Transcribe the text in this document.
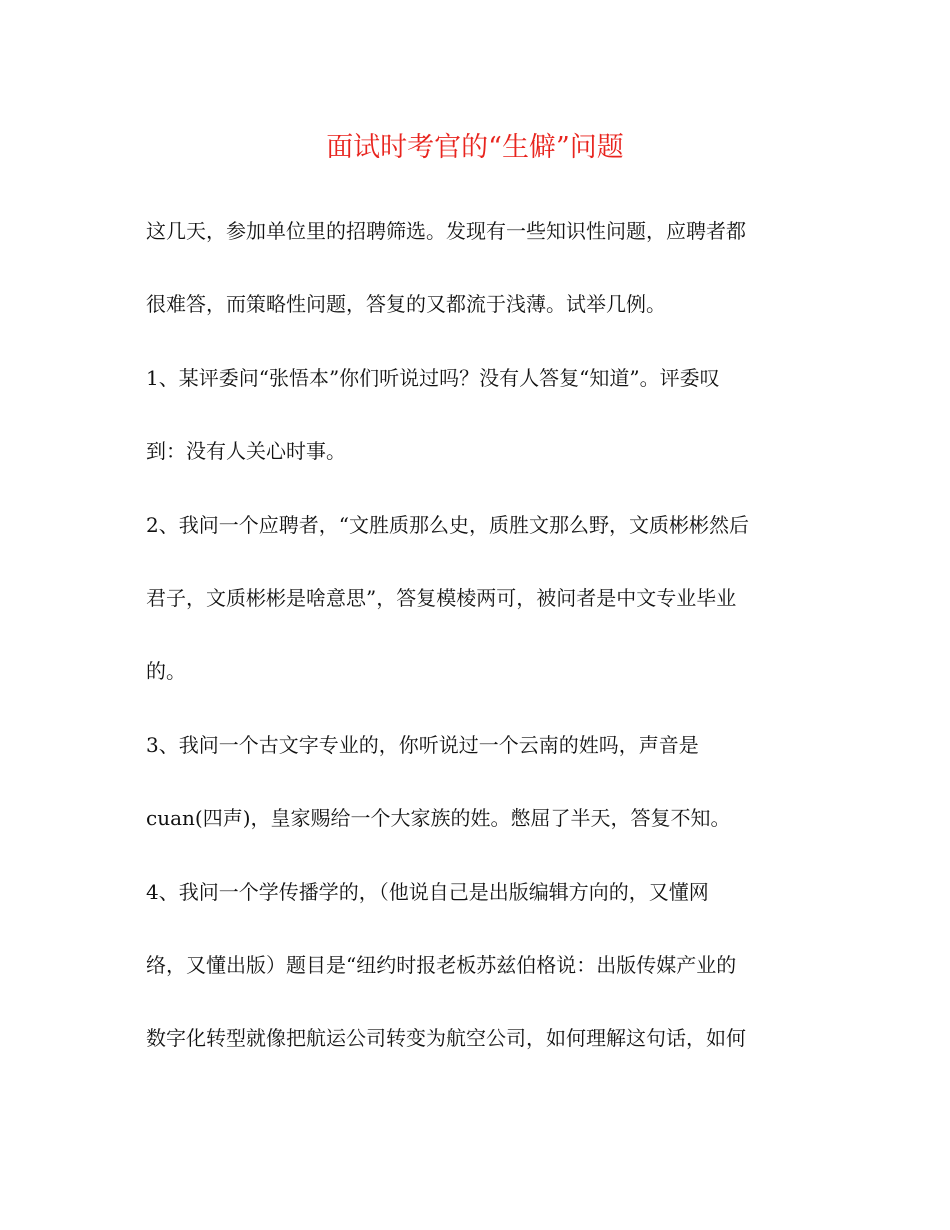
面试时考官的“生僻”问题
这几天，参加单位里的招聘筛选。发现有一些知识性问题，应聘者都
很难答，而策略性问题，答复的又都流于浅薄。试举几例。
1、某评委问“张悟本”你们听说过吗？没有人答复“知道”。评委叹
到：没有人关心时事。
2、我问一个应聘者，“文胜质那么史，质胜文那么野，文质彬彬然后
君子，文质彬彬是啥意思”，答复模棱两可，被问者是中文专业毕业
的。
3、我问一个古文字专业的，你听说过一个云南的姓吗，声音是
cuan(四声)，皇家赐给一个大家族的姓。憋屈了半天，答复不知。
4、我问一个学传播学的，（他说自己是出版编辑方向的，又懂网
络，又懂出版）题目是“纽约时报老板苏兹伯格说：出版传媒产业的
数字化转型就像把航运公司转变为航空公司，如何理解这句话，如何
